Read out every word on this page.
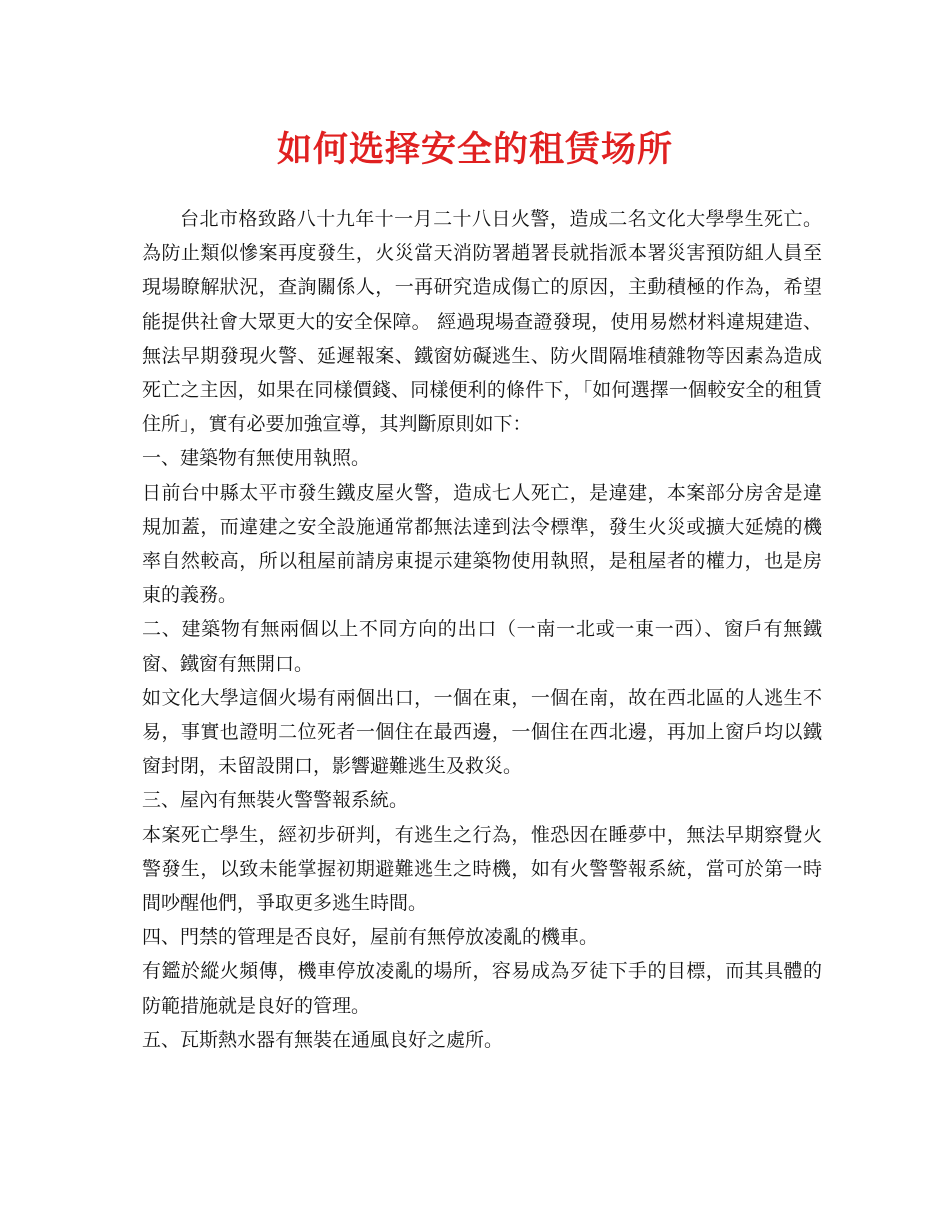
如何选择安全的租赁场所

台北市格致路八十九年十一月二十八日火警，造成二名文化大學學生死亡。為防止類似慘案再度發生，火災當天消防署趙署長就指派本署災害預防組人員至現場瞭解狀況，查詢關係人，一再研究造成傷亡的原因，主動積極的作為，希望能提供社會大眾更大的安全保障。 經過現場查證發現，使用易燃材料違規建造、無法早期發現火警、延遲報案、鐵窗妨礙逃生、防火間隔堆積雜物等因素為造成死亡之主因，如果在同樣價錢、同樣便利的條件下，「如何選擇一個較安全的租賃住所」，實有必要加強宣導，其判斷原則如下：

一、建築物有無使用執照。

日前台中縣太平市發生鐵皮屋火警，造成七人死亡，是違建，本案部分房舍是違規加蓋，而違建之安全設施通常都無法達到法令標準，發生火災或擴大延燒的機率自然較高，所以租屋前請房東提示建築物使用執照，是租屋者的權力，也是房東的義務。

二、建築物有無兩個以上不同方向的出口（一南一北或一東一西）、窗戶有無鐵窗、鐵窗有無開口。

如文化大學這個火場有兩個出口，一個在東，一個在南，故在西北區的人逃生不易，事實也證明二位死者一個住在最西邊，一個住在西北邊，再加上窗戶均以鐵窗封閉，未留設開口，影響避難逃生及救災。

三、屋內有無裝火警警報系統。

本案死亡學生，經初步研判，有逃生之行為，惟恐因在睡夢中，無法早期察覺火警發生，以致未能掌握初期避難逃生之時機，如有火警警報系統，當可於第一時間吵醒他們，爭取更多逃生時間。

四、門禁的管理是否良好，屋前有無停放凌亂的機車。

有鑑於縱火頻傳，機車停放凌亂的場所，容易成為歹徒下手的目標，而其具體的防範措施就是良好的管理。

五、瓦斯熱水器有無裝在通風良好之處所。
